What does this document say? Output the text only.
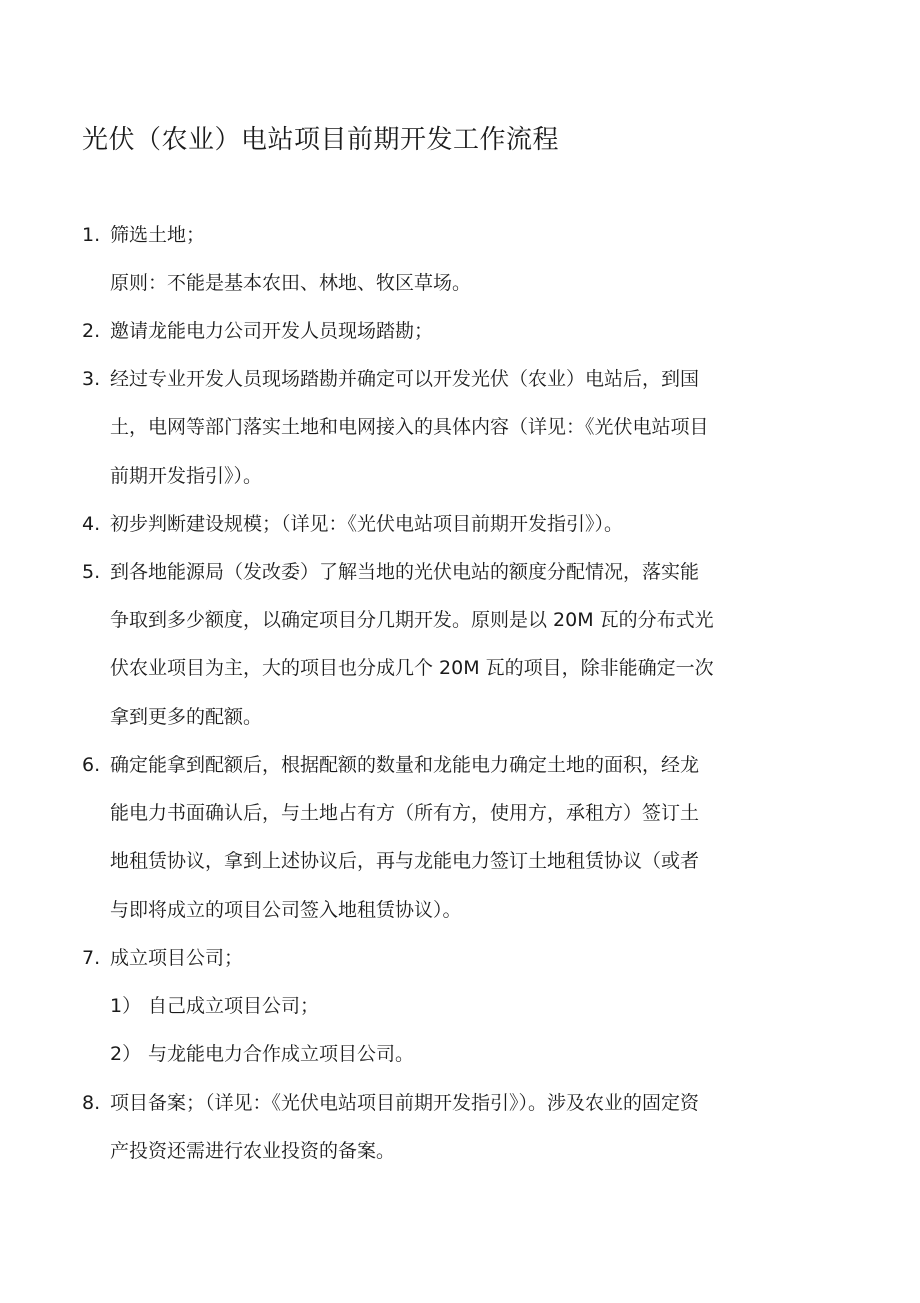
光伏（农业）电站项目前期开发工作流程
1. 筛选土地；
原则：不能是基本农田、林地、牧区草场。
2. 邀请龙能电力公司开发人员现场踏勘；
3. 经过专业开发人员现场踏勘并确定可以开发光伏（农业）电站后，到国
土，电网等部门落实土地和电网接入的具体内容（详见：《光伏电站项目
前期开发指引》）。
4. 初步判断建设规模；（详见：《光伏电站项目前期开发指引》）。
5. 到各地能源局（发改委）了解当地的光伏电站的额度分配情况，落实能
争取到多少额度，以确定项目分几期开发。原则是以 20M 瓦的分布式光
伏农业项目为主，大的项目也分成几个 20M 瓦的项目，除非能确定一次
拿到更多的配额。
6. 确定能拿到配额后，根据配额的数量和龙能电力确定土地的面积，经龙
能电力书面确认后，与土地占有方（所有方，使用方，承租方）签订土
地租赁协议，拿到上述协议后，再与龙能电力签订土地租赁协议（或者
与即将成立的项目公司签入地租赁协议）。
7. 成立项目公司；
1） 自己成立项目公司；
2） 与龙能电力合作成立项目公司。
8. 项目备案；（详见：《光伏电站项目前期开发指引》）。涉及农业的固定资
产投资还需进行农业投资的备案。
